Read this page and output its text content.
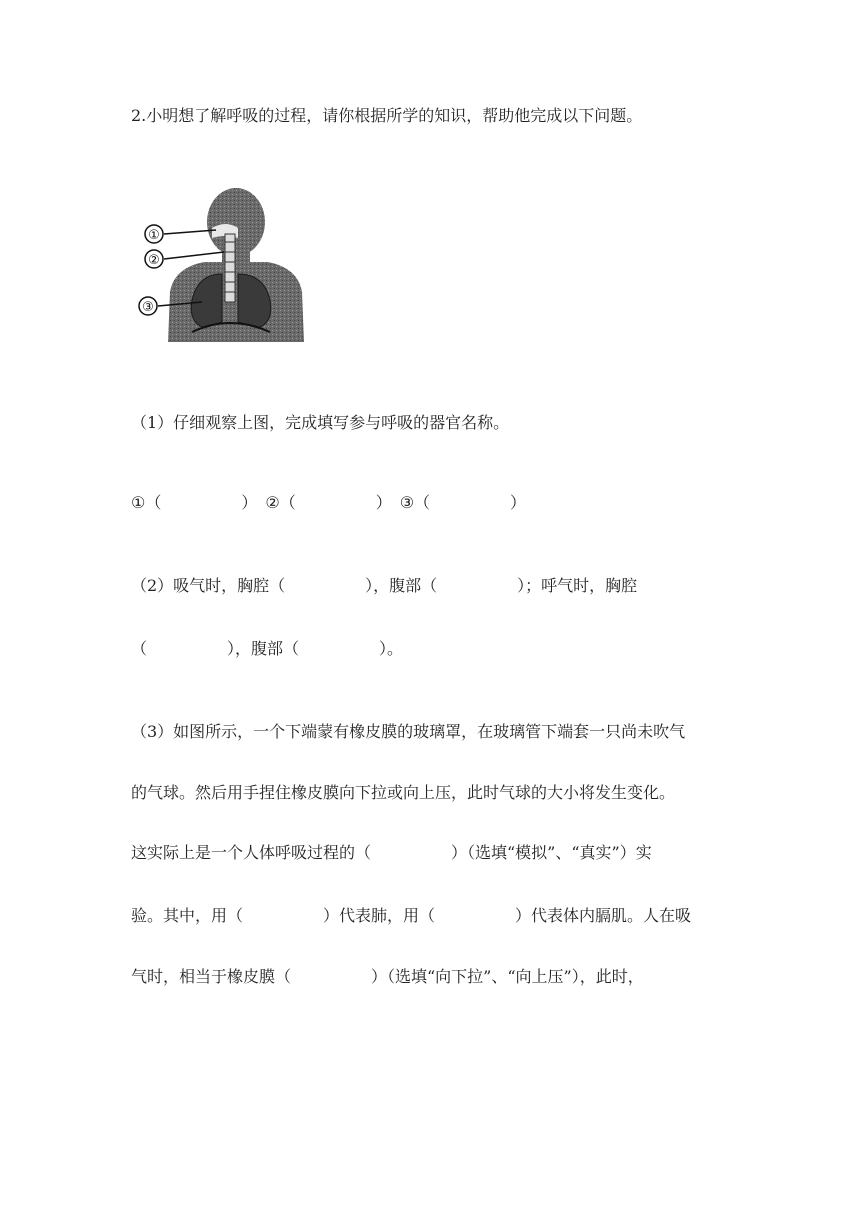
2.小明想了解呼吸的过程，请你根据所学的知识，帮助他完成以下问题。
①
②
③
（1）仔细观察上图，完成填写参与呼吸的器官名称。
①（　　　　　）　②（　　　　　）　③（　　　　　）
（2）吸气时，胸腔（　　　　　），腹部（　　　　　）；呼气时，胸腔
（　　　　　），腹部（　　　　　）。
（3）如图所示，一个下端蒙有橡皮膜的玻璃罩，在玻璃管下端套一只尚未吹气
的气球。然后用手捏住橡皮膜向下拉或向上压，此时气球的大小将发生变化。
这实际上是一个人体呼吸过程的（　　　　　）（选填“模拟”、“真实”）实
验。其中，用（　　　　　）代表肺，用（　　　　　）代表体内膈肌。人在吸
气时，相当于橡皮膜（　　　　　）（选填“向下拉”、“向上压”），此时，
